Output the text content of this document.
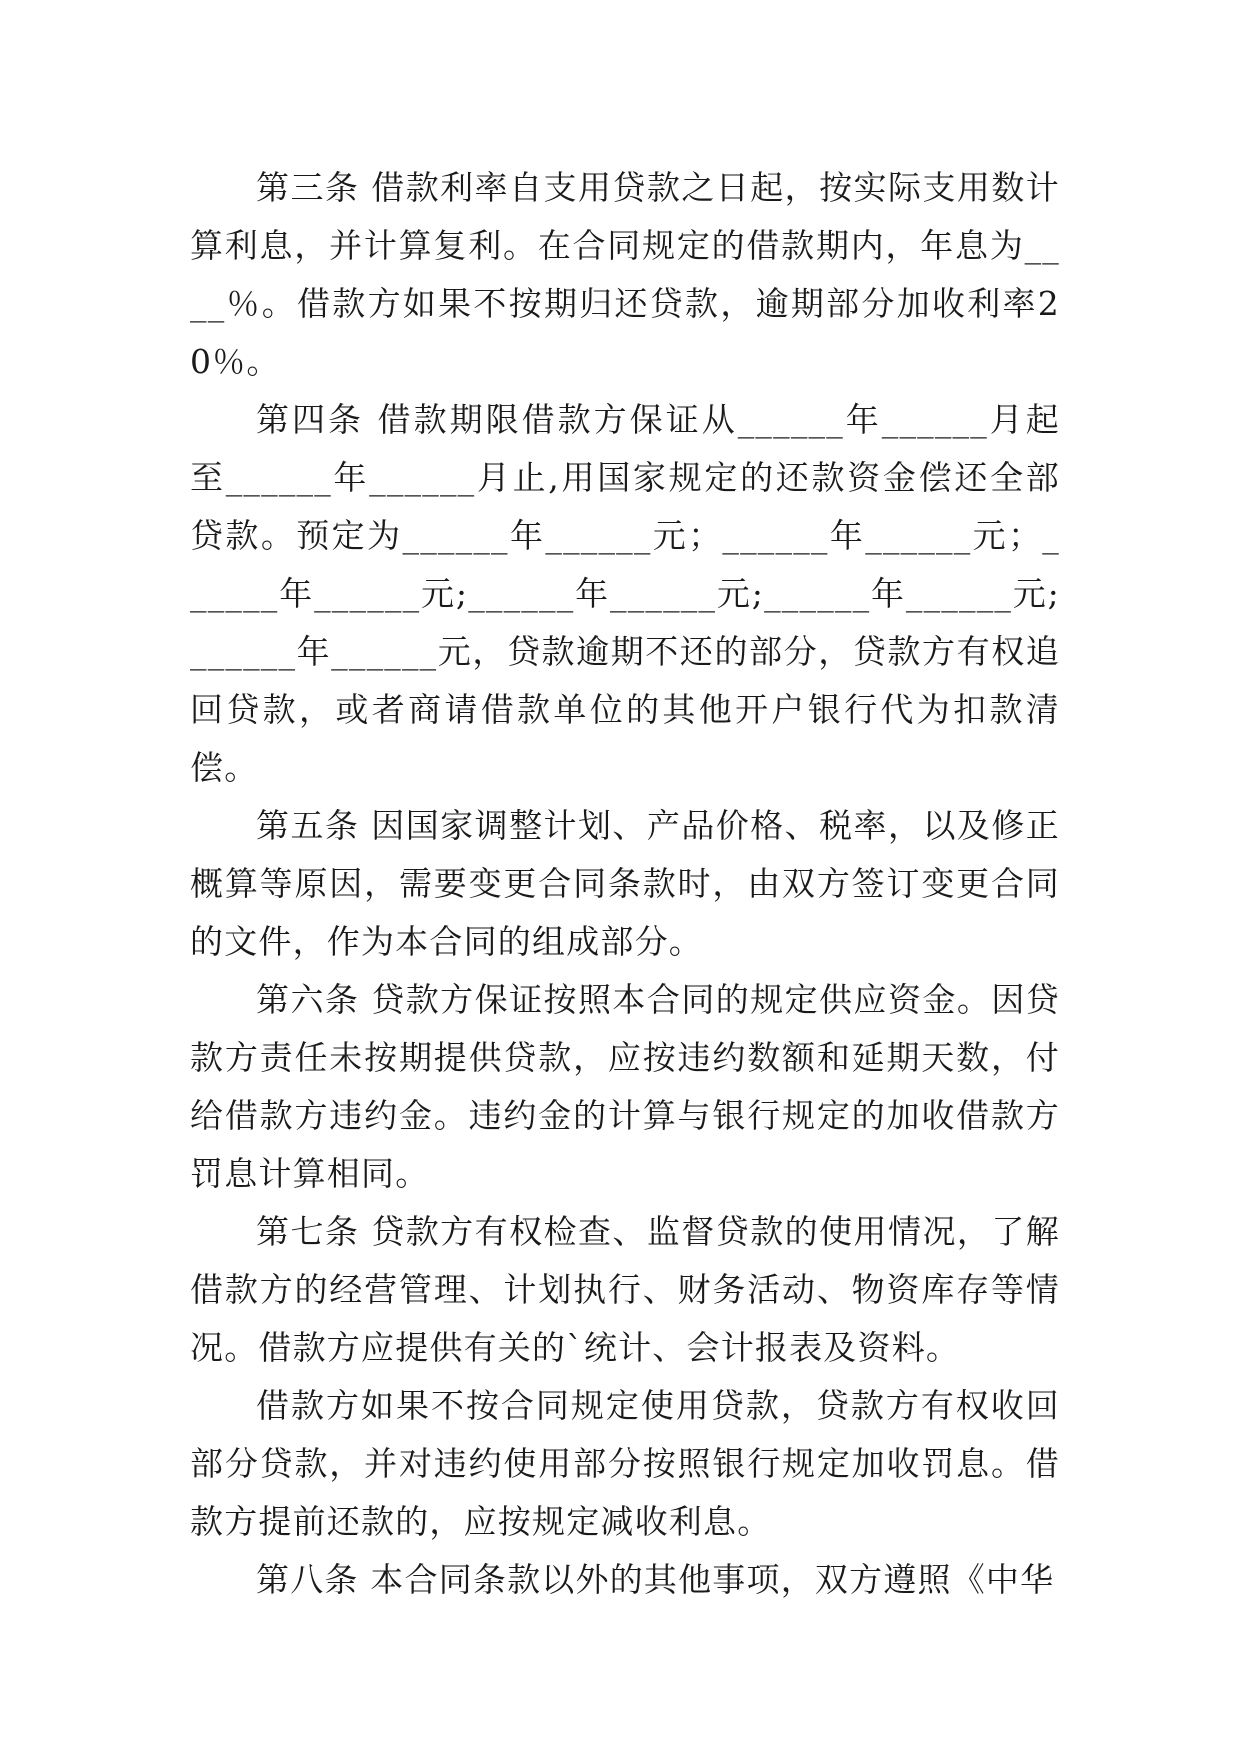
第三条 借款利率自支用贷款之日起，按实际支用数计算利息，并计算复利。在合同规定的借款期内，年息为____％。借款方如果不按期归还贷款，逾期部分加收利率20％。

第四条 借款期限借款方保证从______年______月起至______年______月止,用国家规定的还款资金偿还全部贷款。预定为______年______元；______年______元；______年______元;______年______元;______年______元;______年______元，贷款逾期不还的部分，贷款方有权追回贷款，或者商请借款单位的其他开户银行代为扣款清偿。

第五条 因国家调整计划、产品价格、税率，以及修正概算等原因，需要变更合同条款时，由双方签订变更合同的文件，作为本合同的组成部分。

第六条 贷款方保证按照本合同的规定供应资金。因贷款方责任未按期提供贷款，应按违约数额和延期天数，付给借款方违约金。违约金的计算与银行规定的加收借款方罚息计算相同。

第七条 贷款方有权检查、监督贷款的使用情况，了解借款方的经营管理、计划执行、财务活动、物资库存等情况。借款方应提供有关的`统计、会计报表及资料。

借款方如果不按合同规定使用贷款，贷款方有权收回部分贷款，并对违约使用部分按照银行规定加收罚息。借款方提前还款的，应按规定减收利息。

第八条 本合同条款以外的其他事项，双方遵照《中华
